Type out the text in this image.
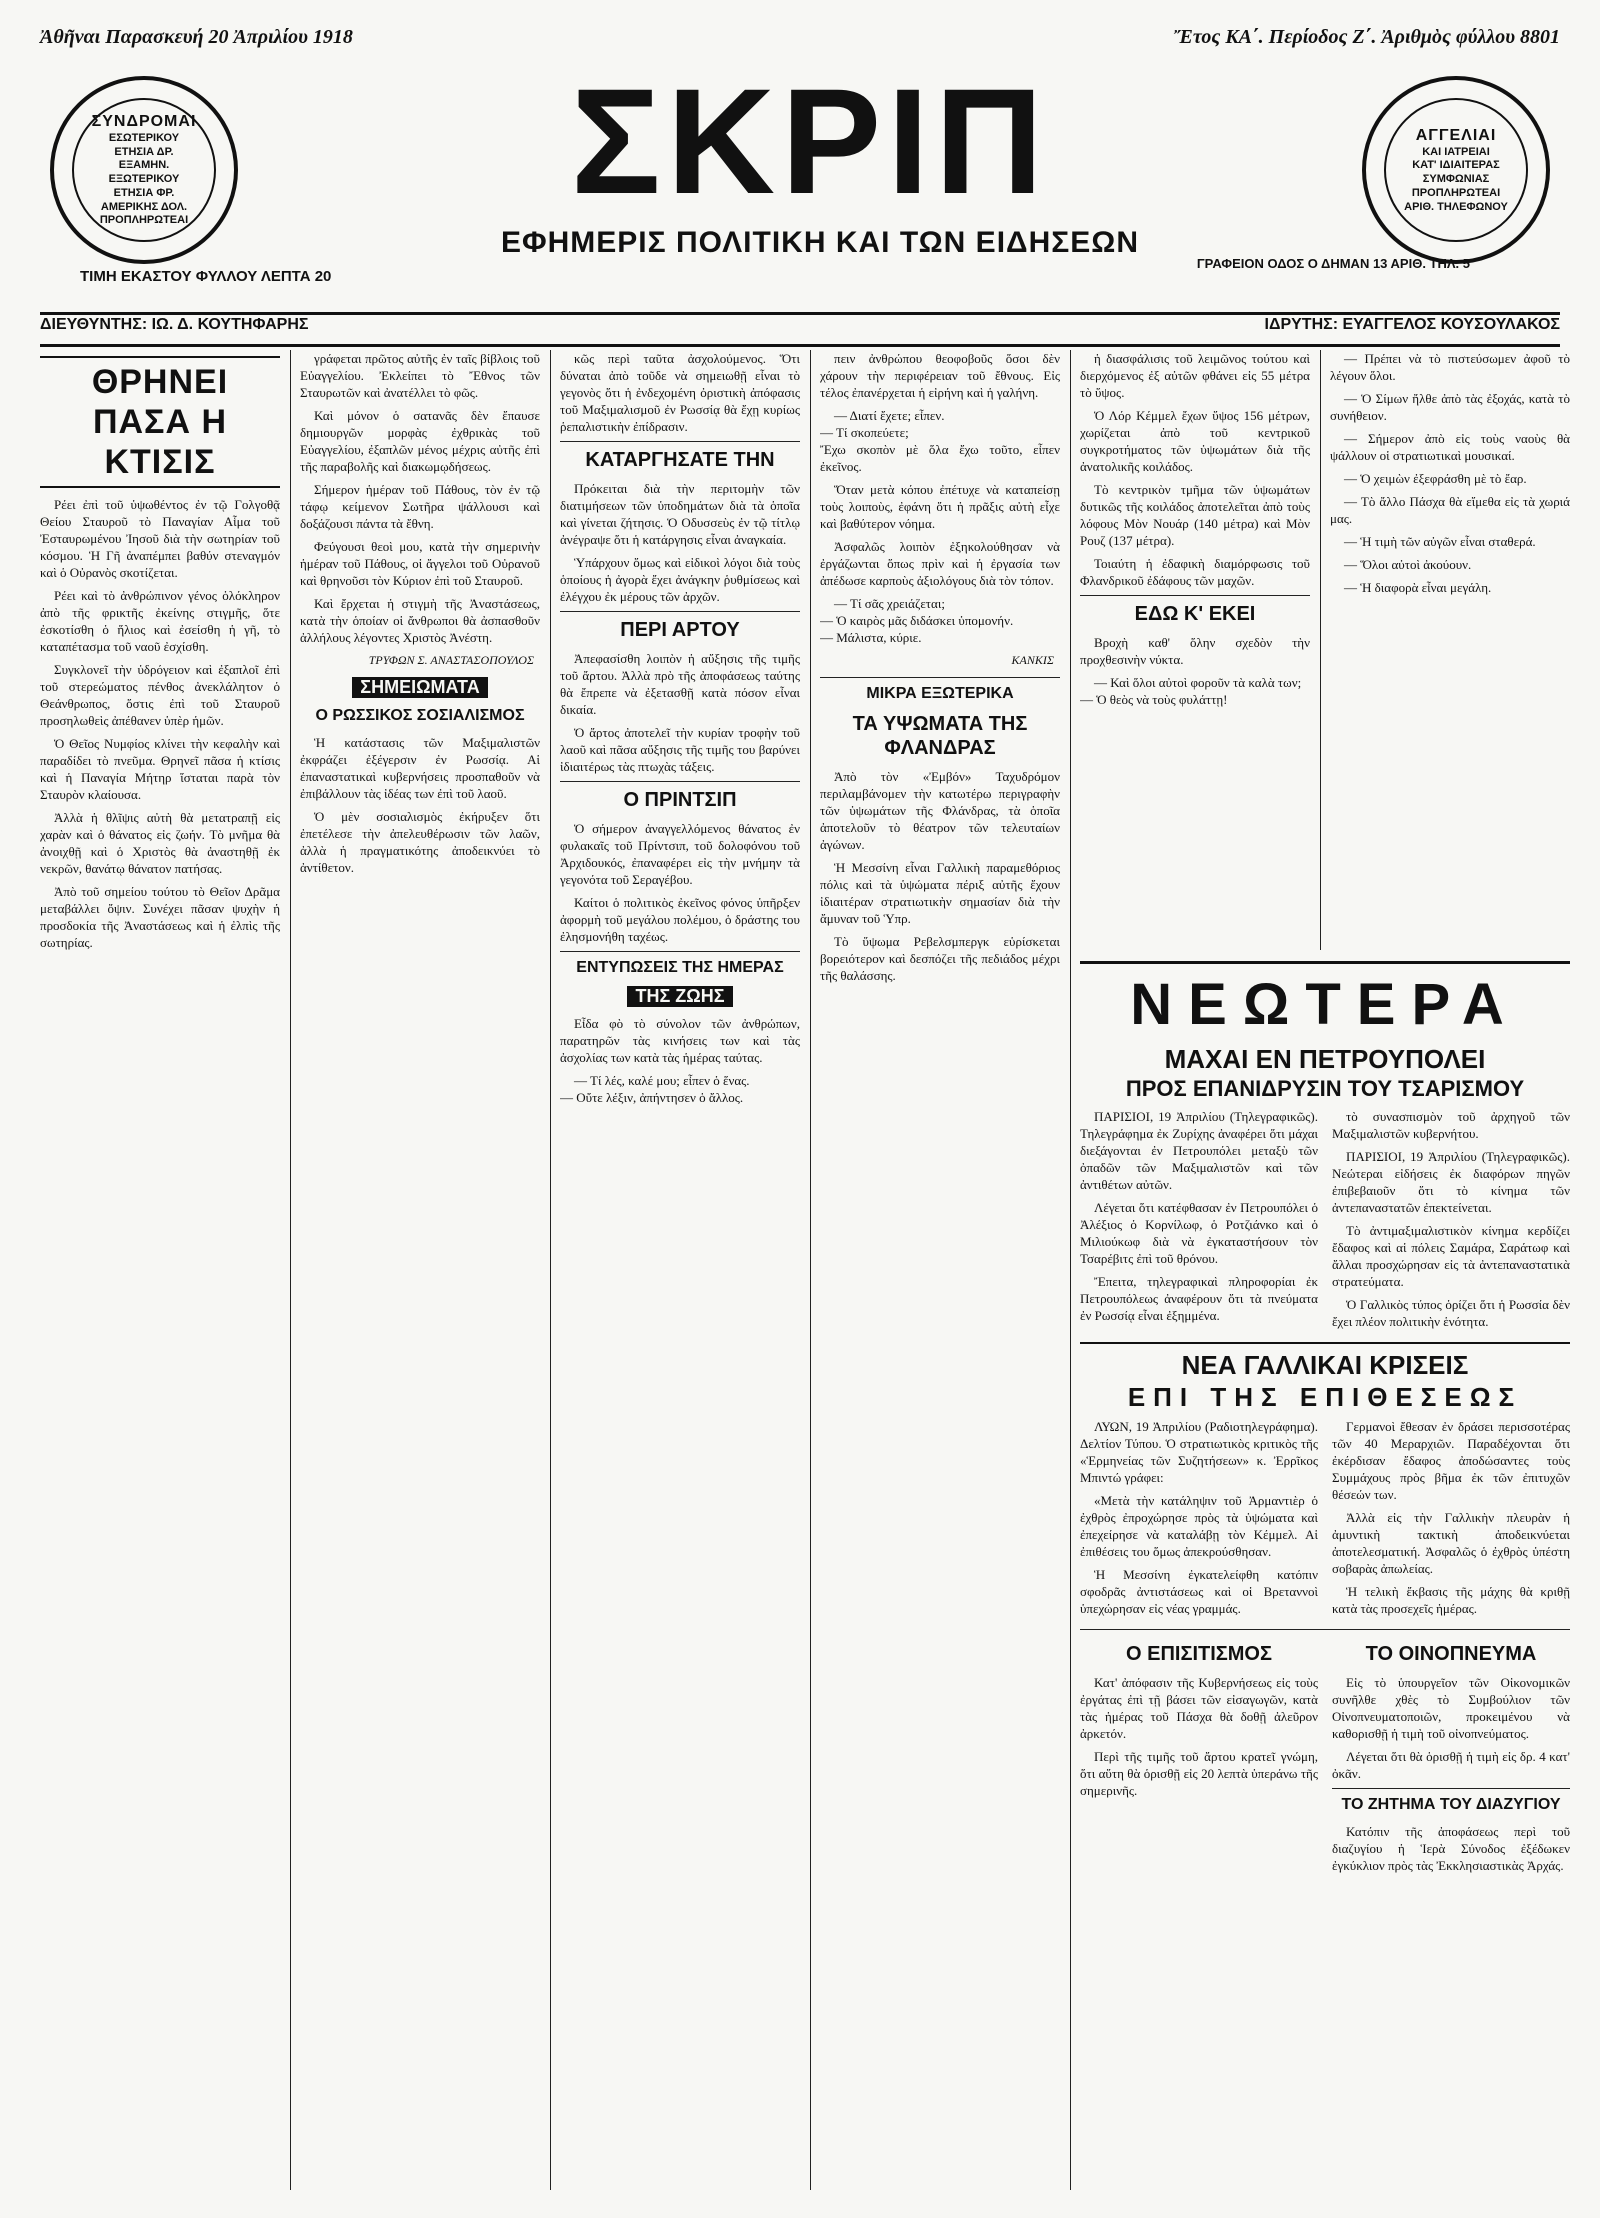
Ἀθῆναι Παρασκευή 20 Ἀπριλίου 1918	Ἔτος ΚΑ΄. Περίοδος Ζ΄. Ἀριθμὸς φύλλου 8801
ΣΥΝΔΡΟΜΑΙ
ΕΣΩΤΕΡΙΚΟΥ
ΕΤΗΣΙΑ ΔΡ.
ΕΞΑΜΗΝ.
ΕΞΩΤΕΡΙΚΟΥ
ΕΤΗΣΙΑ ΦΡ.
ΑΜΕΡΙΚΗΣ ΔΟΛ.
ΠΡΟΠΛΗΡΩΤΕΑΙ	ΣΚΡΙΠ
ΕΦΗΜΕΡΙΣ ΠΟΛΙΤΙΚΗ ΚΑΙ ΤΩΝ ΕΙΔΗΣΕΩΝ
ΤΙΜΗ ΕΚΑΣΤΟΥ ΦΥΛΛΟΥ ΛΕΠΤΑ 20
ΓΡΑΦΕΙΟΝ ΟΔΟΣ Ο ΔΗΜΑΝ 13 ΑΡΙΘ. ΤΗΛ. 5
ΑΓΓΕΛΙΑΙ
ΚΑΙ ΙΑΤΡΕΙΑΙ
ΚΑΤ' ΙΔΙΑΙΤΕΡΑΣ
ΣΥΜΦΩΝΙΑΣ
ΠΡΟΠΛΗΡΩΤΕΑΙ
ΑΡΙΘ. ΤΗΛΕΦΩΝΟΥ
ΔΙΕΥΘΥΝΤΗΣ: ΙΩ. Δ. ΚΟΥΤΗΦΑΡΗΣ	ΙΔΡΥΤΗΣ: ΕΥΑΓΓΕΛΟΣ ΚΟΥΣΟΥΛΑΚΟΣ
ΘΡΗΝΕΙ ΠΑΣΑ Η ΚΤΙΣΙΣ

Ρέει ἐπὶ τοῦ ὑψωθέντος ἐν τῷ Γολγοθᾷ Θείου Σταυροῦ τὸ Παναγίαν Αἷμα τοῦ Ἐσταυρωμένου Ἰησοῦ διὰ τὴν σωτηρίαν τοῦ κόσμου. Ἡ Γῆ ἀναπέμπει βαθύν στεναγμόν καὶ ὁ Οὐρανὸς σκοτίζεται.

Ρέει καὶ τὸ ἀνθρώπινον γένος ὁλόκληρον ἀπὸ τῆς φρικτῆς ἐκείνης στιγμῆς, ὅτε ἐσκοτίσθη ὁ ἥλιος καὶ ἐσείσθη ἡ γῆ, τὸ καταπέτασμα τοῦ ναοῦ ἐσχίσθη.

Συγκλονεῖ τὴν ὑδρόγειον καὶ ἐξαπλοῖ ἐπὶ τοῦ στερεώματος πένθος ἀνεκλάλητον ὁ Θεάνθρωπος, ὅστις ἐπὶ τοῦ Σταυροῦ προσηλωθεὶς ἀπέθανεν ὑπὲρ ἡμῶν.

Ὁ Θεῖος Νυμφίος κλίνει τὴν κεφαλὴν καὶ παραδίδει τὸ πνεῦμα. Θρηνεῖ πᾶσα ἡ κτίσις καὶ ἡ Παναγία Μήτηρ ἵσταται παρὰ τὸν Σταυρὸν κλαίουσα.

Ἀλλὰ ἡ θλῖψις αὐτὴ θὰ μετατραπῇ εἰς χαρὰν καὶ ὁ θάνατος εἰς ζωήν. Τὸ μνῆμα θὰ ἀνοιχθῇ καὶ ὁ Χριστὸς θὰ ἀναστηθῇ ἐκ νεκρῶν, θανάτῳ θάνατον πατήσας.

Ἀπὸ τοῦ σημείου τούτου τὸ Θεῖον Δρᾶμα μεταβάλλει ὄψιν. Συνέχει πᾶσαν ψυχὴν ἡ προσδοκία τῆς Ἀναστάσεως καὶ ἡ ἐλπὶς τῆς σωτηρίας.

γράφεται πρῶτος αὐτῆς ἐν ταῖς βίβλοις τοῦ Εὐαγγελίου. Ἐκλείπει τὸ Ἔθνος τῶν Σταυρωτῶν καὶ ἀνατέλλει τὸ φῶς.

Καὶ μόνον ὁ σατανᾶς δὲν ἔπαυσε δημιουργῶν μορφὰς ἐχθρικὰς τοῦ Εὐαγγελίου, ἐξαπλῶν μένος μέχρις αὐτῆς ἐπὶ τῆς παραβολῆς καὶ διακωμῳδήσεως.

Σήμερον ἡμέραν τοῦ Πάθους, τὸν ἐν τῷ τάφῳ κείμενον Σωτῆρα ψάλλουσι καὶ δοξάζουσι πάντα τὰ ἔθνη.

Φεύγουσι θεοὶ μου, κατὰ τὴν σημερινὴν ἡμέραν τοῦ Πάθους, οἱ ἄγγελοι τοῦ Οὐρανοῦ καὶ θρηνοῦσι τὸν Κύριον ἐπὶ τοῦ Σταυροῦ.

Καὶ ἔρχεται ἡ στιγμὴ τῆς Ἀναστάσεως, κατὰ τὴν ὁποίαν οἱ ἄνθρωποι θὰ ἀσπασθοῦν ἀλλήλους λέγοντες Χριστὸς Ἀνέστη.

ΤΡΥΦΩΝ Σ. ΑΝΑΣΤΑΣΟΠΟΥΛΟΣ
ΣΗΜΕΙΩΜΑΤΑ
Ο ΡΩΣΣΙΚΟΣ ΣΟΣΙΑΛΙΣΜΟΣ

Ἡ κατάστασις τῶν Μαξιμαλιστῶν ἐκφράζει ἐξέγερσιν ἐν Ρωσσίᾳ. Αἱ ἐπαναστατικαὶ κυβερνήσεις προσπαθοῦν νὰ ἐπιβάλλουν τὰς ἰδέας των ἐπὶ τοῦ λαοῦ.

Ὁ μὲν σοσιαλισμὸς ἐκήρυξεν ὅτι ἐπετέλεσε τὴν ἀπελευθέρωσιν τῶν λαῶν, ἀλλὰ ἡ πραγματικότης ἀποδεικνύει τὸ ἀντίθετον.

κῶς περὶ ταῦτα ἀσχολούμενος. Ὅτι δύναται ἀπὸ τοῦδε νὰ σημειωθῇ εἶναι τὸ γεγονὸς ὅτι ἡ ἐνδεχομένη ὀριστικὴ ἀπόφασις τοῦ Μαξιμαλισμοῦ ἐν Ρωσσίᾳ θὰ ἔχῃ κυρίως ῥεπαλιστικὴν ἐπίδρασιν.

ΚΑΤΑΡΓΗΣΑΤΕ ΤΗΝ

Πρόκειται διὰ τὴν περιτομὴν τῶν διατιμήσεων τῶν ὑποδημάτων διὰ τὰ ὁποῖα καὶ γίνεται ζήτησις. Ὁ Οδυσσεὺς ἐν τῷ τίτλῳ ἀνέγραψε ὅτι ἡ κατάργησις εἶναι ἀναγκαία.

Ὑπάρχουν ὅμως καὶ εἰδικοὶ λόγοι διὰ τοὺς ὁποίους ἡ ἀγορὰ ἔχει ἀνάγκην ῥυθμίσεως καὶ ἐλέγχου ἐκ μέρους τῶν ἀρχῶν.

ΠΕΡΙ ΑΡΤΟΥ

Ἀπεφασίσθη λοιπὸν ἡ αὔξησις τῆς τιμῆς τοῦ ἄρτου. Ἀλλὰ πρὸ τῆς ἀποφάσεως ταύτης θὰ ἔπρεπε νὰ ἐξετασθῇ κατὰ πόσον εἶναι δικαία.

Ὁ ἄρτος ἀποτελεῖ τὴν κυρίαν τροφὴν τοῦ λαοῦ καὶ πᾶσα αὔξησις τῆς τιμῆς του βαρύνει ἰδιαιτέρως τὰς πτωχὰς τάξεις.

Ο ΠΡΙΝΤΣΙΠ

Ὁ σήμερον ἀναγγελλόμενος θάνατος ἐν φυλακαῖς τοῦ Πρίντσιπ, τοῦ δολοφόνου τοῦ Ἀρχιδουκός, ἐπαναφέρει εἰς τὴν μνήμην τὰ γεγονότα τοῦ Σεραγέβου.

Καίτοι ὁ πολιτικὸς ἐκεῖνος φόνος ὑπῆρξεν ἀφορμὴ τοῦ μεγάλου πολέμου, ὁ δράστης του ἐλησμονήθη ταχέως.

ΕΝΤΥΠΩΣΕΙΣ ΤΗΣ ΗΜΕΡΑΣ
ΤΗΣ ΖΩΗΣ

Εἶδα φὸ τὸ σύνολον τῶν ἀνθρώπων, παρατηρῶν τὰς κινήσεις των καὶ τὰς ἀσχολίας των κατὰ τὰς ἡμέρας ταύτας.

— Τί λές, καλέ μου; εἶπεν ὁ ἕνας.
— Οὔτε λέξιν, ἀπήντησεν ὁ ἄλλος.

πειν ἀνθρώπου θεοφοβοῦς ὅσοι δὲν χάρουν τὴν περιφέρειαν τοῦ ἔθνους. Εἰς τέλος ἐπανέρχεται ἡ εἰρήνη καὶ ἡ γαλήνη.

— Διατί ἔχετε; εἶπεν.
— Τί σκοπεύετε;
Ἔχω σκοπὸν μὲ ὅλα ἔχω τοῦτο, εἶπεν ἐκεῖνος.

Ὅταν μετὰ κόπου ἐπέτυχε νὰ καταπείσῃ τοὺς λοιποὺς, ἐφάνη ὅτι ἡ πρᾶξις αὐτὴ εἶχε καὶ βαθύτερον νόημα.

Ἀσφαλῶς λοιπὸν ἐξηκολούθησαν νὰ ἐργάζωνται ὅπως πρὶν καὶ ἡ ἐργασία των ἀπέδωσε καρποὺς ἀξιολόγους διὰ τὸν τόπον.

— Τί σᾶς χρειάζεται;
— Ὁ καιρὸς μᾶς διδάσκει ὑπομονήν.
— Μάλιστα, κύριε.

ΚΑΝΚΙΣ
ΜΙΚΡΑ ΕΞΩΤΕΡΙΚΑ
ΤΑ ΥΨΩΜΑΤΑ ΤΗΣ ΦΛΑΝΔΡΑΣ

Ἀπὸ τὸν «Ἐμβόν» Ταχυδρόμον περιλαμβάνομεν τὴν κατωτέρω περιγραφὴν τῶν ὑψωμάτων τῆς Φλάνδρας, τὰ ὁποῖα ἀποτελοῦν τὸ θέατρον τῶν τελευταίων ἀγώνων.

Ἡ Μεσσίνη εἶναι Γαλλικὴ παραμεθόριος πόλις καὶ τὰ ὑψώματα πέριξ αὐτῆς ἔχουν ἰδιαιτέραν στρατιωτικὴν σημασίαν διὰ τὴν ἄμυναν τοῦ Ὑπρ.

Τὸ ὕψωμα Ρεβελσμπεργκ εὑρίσκεται βορειότερον καὶ δεσπόζει τῆς πεδιάδος μέχρι τῆς θαλάσσης.

ἡ διασφάλισις τοῦ λειμῶνος τούτου καὶ διερχόμενος ἐξ αὐτῶν φθάνει εἰς 55 μέτρα τὸ ὕψος.

Ὁ Λόρ Κέμμελ ἔχων ὕψος 156 μέτρων, χωρίζεται ἀπὸ τοῦ κεντρικοῦ συγκροτήματος τῶν ὑψωμάτων διὰ τῆς ἀνατολικῆς κοιλάδος.

Τὸ κεντρικὸν τμῆμα τῶν ὑψωμάτων δυτικῶς τῆς κοιλάδος ἀποτελεῖται ἀπὸ τοὺς λόφους Μὸν Νουάρ (140 μέτρα) καὶ Μὸν Ρουζ (137 μέτρα).

Τοιαύτη ἡ ἐδαφικὴ διαμόρφωσις τοῦ Φλανδρικοῦ ἐδάφους τῶν μαχῶν.

ΕΔΩ Κ' ΕΚΕΙ

Βροχὴ καθ' ὅλην σχεδὸν τὴν προχθεσινὴν νύκτα.

— Καὶ ὅλοι αὐτοὶ φοροῦν τὰ καλὰ των;
— Ὁ θεὸς νὰ τοὺς φυλάττῃ!

— Πρέπει νὰ τὸ πιστεύσωμεν ἀφοῦ τὸ λέγουν ὅλοι.

— Ὁ Σίμων ἤλθε ἀπὸ τὰς ἐξοχάς, κατὰ τὸ συνήθειον.

— Σήμερον ἀπὸ εἰς τοὺς ναοὺς θὰ ψάλλουν οἱ στρατιωτικαὶ μουσικαί.

— Ὁ χειμὼν ἐξεφράσθη μὲ τὸ ἔαρ.

— Τὸ ἄλλο Πάσχα θὰ εἴμεθα εἰς τὰ χωριά μας.

— Ἡ τιμὴ τῶν αὐγῶν εἶναι σταθερά.

— Ὅλοι αὐτοὶ ἀκούουν.

— Ἡ διαφορὰ εἶναι μεγάλη.

ΝΕΩΤΕΡΑ
ΜΑΧΑΙ ΕΝ ΠΕΤΡΟΥΠΟΛΕΙ
ΠΡΟΣ ΕΠΑΝΙΔΡΥΣΙΝ ΤΟΥ ΤΣΑΡΙΣΜΟΥ

ΠΑΡΙΣΙΟΙ, 19 Ἀπριλίου (Τηλεγραφικῶς). Τηλεγράφημα ἐκ Ζυρίχης ἀναφέρει ὅτι μάχαι διεξάγονται ἐν Πετρουπόλει μεταξὺ τῶν ὀπαδῶν τῶν Μαξιμαλιστῶν καὶ τῶν ἀντιθέτων αὐτῶν.

Λέγεται ὅτι κατέφθασαν ἐν Πετρουπόλει ὁ Ἀλέξιος ὁ Κορνίλωφ, ὁ Ροτζιάνκο καὶ ὁ Μιλιούκωφ διὰ νὰ ἐγκαταστήσουν τὸν Τσαρέβιτς ἐπὶ τοῦ θρόνου.

Ἔπειτα, τηλεγραφικαὶ πληροφορίαι ἐκ Πετρουπόλεως ἀναφέρουν ὅτι τὰ πνεύματα ἐν Ρωσσίᾳ εἶναι ἐξημμένα.

τὸ συνασπισμὸν τοῦ ἀρχηγοῦ τῶν Μαξιμαλιστῶν κυβερνήτου.

ΠΑΡΙΣΙΟΙ, 19 Ἀπριλίου (Τηλεγραφικῶς). Νεώτεραι εἰδήσεις ἐκ διαφόρων πηγῶν ἐπιβεβαιοῦν ὅτι τὸ κίνημα τῶν ἀντεπαναστατῶν ἐπεκτείνεται.

Τὸ ἀντιμαξιμαλιστικὸν κίνημα κερδίζει ἔδαφος καὶ αἱ πόλεις Σαμάρα, Σαράτωφ καὶ ἄλλαι προσχώρησαν εἰς τὰ ἀντεπαναστατικὰ στρατεύματα.

Ὁ Γαλλικὸς τύπος ὁρίζει ὅτι ἡ Ρωσσία δὲν ἔχει πλέον πολιτικὴν ἑνότητα.

ΝΕΑ ΓΑΛΛΙΚΑΙ ΚΡΙΣΕΙΣ
ΕΠΙ ΤΗΣ ΕΠΙΘΕΣΕΩΣ

ΛΥΩΝ, 19 Ἀπριλίου (Ραδιοτηλεγράφημα). Δελτίον Τύπου. Ὁ στρατιωτικὸς κριτικὸς τῆς «Ἑρμηνείας τῶν Συζητήσεων» κ. Ἐρρῖκος Μπιντώ γράφει:

«Μετὰ τὴν κατάληψιν τοῦ Ἀρμαντιὲρ ὁ ἐχθρὸς ἐπροχώρησε πρὸς τὰ ὑψώματα καὶ ἐπεχείρησε νὰ καταλάβῃ τὸν Κέμμελ. Αἱ ἐπιθέσεις του ὅμως ἀπεκρούσθησαν.

Ἡ Μεσσίνη ἐγκατελείφθη κατόπιν σφοδρᾶς ἀντιστάσεως καὶ οἱ Βρεταννοὶ ὑπεχώρησαν εἰς νέας γραμμάς.

Γερμανοὶ ἔθεσαν ἐν δράσει περισσοτέρας τῶν 40 Μεραρχιῶν. Παραδέχονται ὅτι ἐκέρδισαν ἔδαφος ἀποδώσαντες τοὺς Συμμάχους πρὸς βῆμα ἐκ τῶν ἐπιτυχῶν θέσεών των.

Ἀλλὰ εἰς τὴν Γαλλικὴν πλευρὰν ἡ ἀμυντικὴ τακτικὴ ἀποδεικνύεται ἀποτελεσματική. Ἀσφαλῶς ὁ ἐχθρὸς ὑπέστη σοβαρὰς ἀπωλείας.

Ἡ τελικὴ ἔκβασις τῆς μάχης θὰ κριθῇ κατὰ τὰς προσεχεῖς ἡμέρας.

Ο ΕΠΙΣΙΤΙΣΜΟΣ

Κατ' ἀπόφασιν τῆς Κυβερνήσεως εἰς τοὺς ἐργάτας ἐπὶ τῇ βάσει τῶν εἰσαγωγῶν, κατὰ τὰς ἡμέρας τοῦ Πάσχα θὰ δοθῇ ἀλεῦρον ἀρκετόν.

Περὶ τῆς τιμῆς τοῦ ἄρτου κρατεῖ γνώμη, ὅτι αὕτη θὰ ὁρισθῇ εἰς 20 λεπτὰ ὑπεράνω τῆς σημερινῆς.

ΤΟ ΟΙΝΟΠΝΕΥΜΑ

Εἰς τὸ ὑπουργεῖον τῶν Οἰκονομικῶν συνῆλθε χθὲς τὸ Συμβούλιον τῶν Οἰνοπνευματοποιῶν, προκειμένου νὰ καθορισθῇ ἡ τιμὴ τοῦ οἰνοπνεύματος.

Λέγεται ὅτι θὰ ὁρισθῇ ἡ τιμὴ εἰς δρ. 4 κατ' ὀκᾶν.

ΤΟ ΖΗΤΗΜΑ ΤΟΥ ΔΙΑΖΥΓΙΟΥ

Κατόπιν τῆς ἀποφάσεως περὶ τοῦ διαζυγίου ἡ Ἱερὰ Σύνοδος ἐξέδωκεν ἐγκύκλιον πρὸς τὰς Ἐκκλησιαστικὰς Ἀρχάς.
